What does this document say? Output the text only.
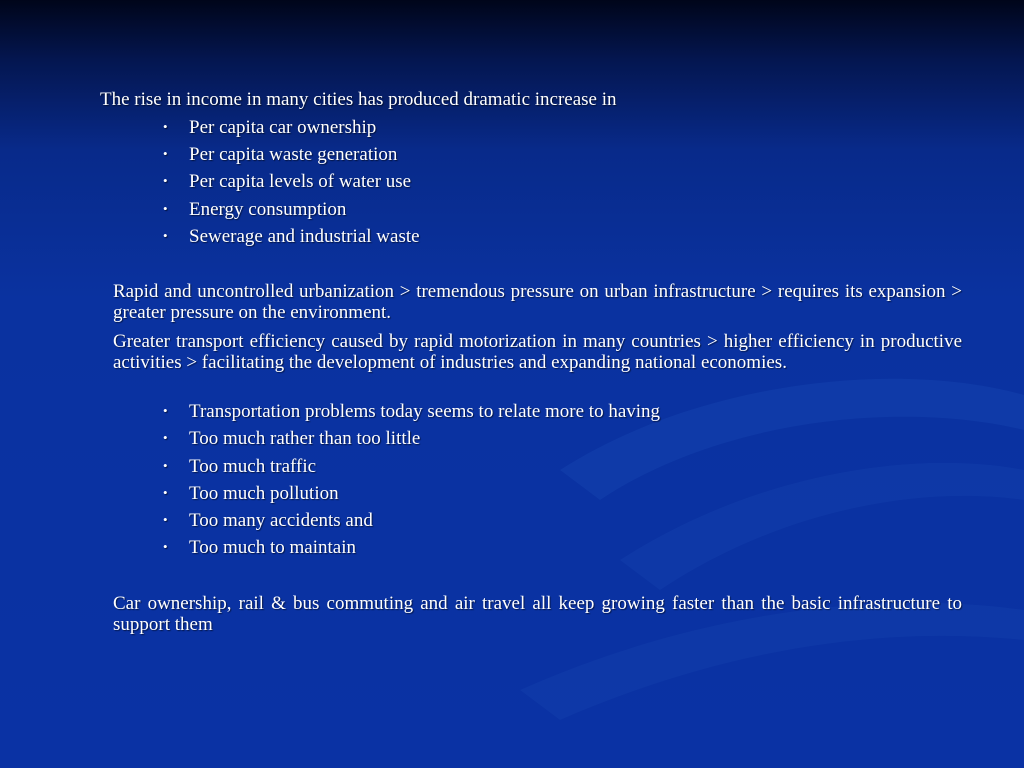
The rise in income in many cities has produced dramatic increase in
• Per capita car ownership
• Per capita waste generation
• Per capita levels of water use
• Energy consumption
• Sewerage and industrial waste
Rapid and uncontrolled urbanization > tremendous pressure on urban infrastructure > requires its expansion > greater pressure on the environment.
Greater transport efficiency caused by rapid motorization in many countries > higher efficiency in productive activities > facilitating the development of industries and expanding national economies.
• Transportation problems today seems to relate more to having
• Too much rather than too little
• Too much traffic
• Too much pollution
• Too many accidents and
• Too much to maintain
Car ownership, rail & bus commuting and air travel all keep growing faster than the basic infrastructure to support them
